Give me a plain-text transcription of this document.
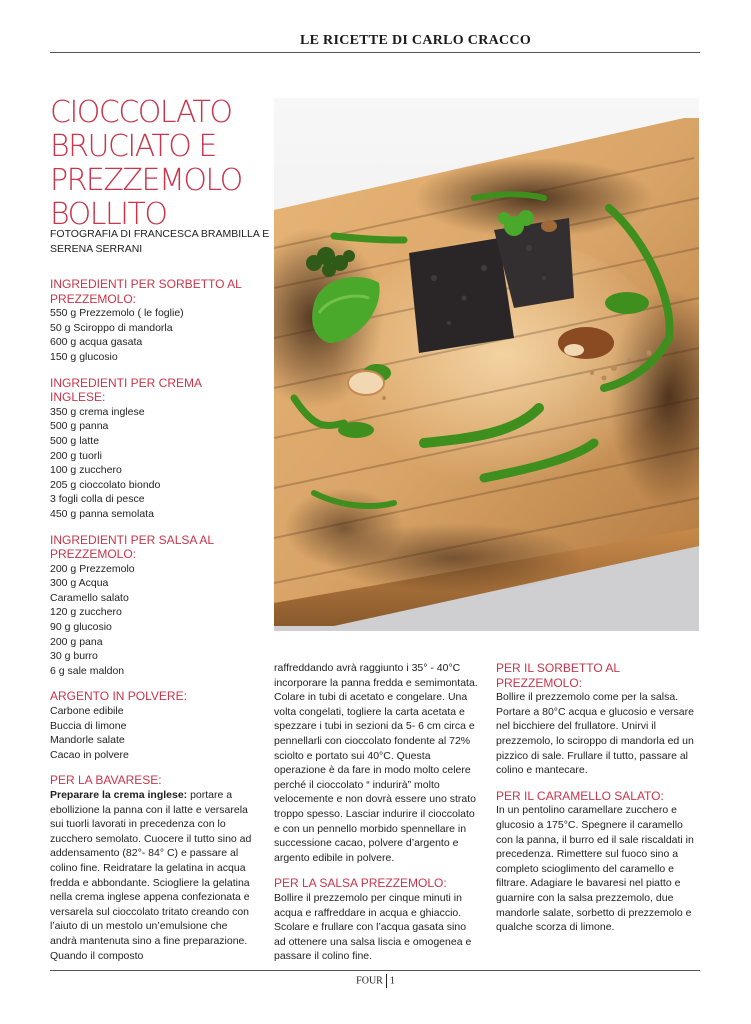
LE RICETTE DI CARLO CRACCO
CIOCCOLATO
BRUCIATO E
PREZZEMOLO
BOLLITO
FOTOGRAFIA DI FRANCESCA BRAMBILLA E SERENA SERRANI
INGREDIENTI PER SORBETTO AL PREZZEMOLO:
550 g Prezzemolo ( le foglie)
50 g Sciroppo di mandorla
600 g acqua gasata
150 g glucosio
INGREDIENTI PER CREMA INGLESE:
350 g crema inglese
500 g panna
500 g latte
200 g tuorli
100 g zucchero
205 g cioccolato biondo
3 fogli colla di pesce
450 g panna semolata
INGREDIENTI PER SALSA AL PREZZEMOLO:
200 g Prezzemolo
300 g Acqua
Caramello salato
120 g zucchero
90 g glucosio
200 g pana
30 g burro
6 g sale maldon
ARGENTO IN POLVERE:
Carbone edibile
Buccia di limone
Mandorle salate
Cacao in polvere
PER LA BAVARESE:

Preparare la crema inglese: portare a ebollizione la panna con il latte e versarela sui tuorli lavorati in precedenza con lo zucchero semolato. Cuocere il tutto sino ad addensamento (82°- 84° C) e passare al colino fine. Reidratare la gelatina in acqua fredda e abbondante. Sciogliere la gelatina nella crema inglese appena confezionata e versarela sul cioccolato tritato creando con l’aiuto di un mestolo un’emulsione che andrà mantenuta sino a fine preparazione. Quando il composto

raffreddando avrà raggiunto i 35° - 40°C incorporare la panna fredda e semimontata. Colare in tubi di acetato e congelare. Una volta congelati, togliere la carta acetata e spezzare i tubi in sezioni da 5- 6 cm circa e pennellarli con cioccolato fondente al 72% sciolto e portato sui 40°C. Questa operazione è da fare in modo molto celere perché il cioccolato “ indurirà” molto velocemente e non dovrà essere uno strato troppo spesso. Lasciar indurire il cioccolato e con un pennello morbido spennellare in successione cacao, polvere d’argento e argento edibile in polvere.

PER LA SALSA PREZZEMOLO:

Bollire il prezzemolo per cinque minuti in acqua e raffreddare in acqua e ghiaccio. Scolare e frullare con l’acqua gasata sino ad ottenere una salsa liscia e omogenea e passare il colino fine.

PER IL SORBETTO AL PREZZEMOLO:

Bollire il prezzemolo come per la salsa. Portare a 80°C acqua e glucosio e versare nel bicchiere del frullatore. Unirvi il prezzemolo, lo sciroppo di mandorla ed un pizzico di sale. Frullare il tutto, passare al colino e mantecare.

PER IL CARAMELLO SALATO:

In un pentolino caramellare zucchero e glucosio a 175°C. Spegnere il caramello con la panna, il burro ed il sale riscaldati in precedenza. Rimettere sul fuoco sino a completo scioglimento del caramello e filtrare. Adagiare le bavaresi nel piatto e guarnire con la salsa prezzemolo, due mandorle salate, sorbetto di prezzemolo e qualche scorza di limone.

FOUR 1
